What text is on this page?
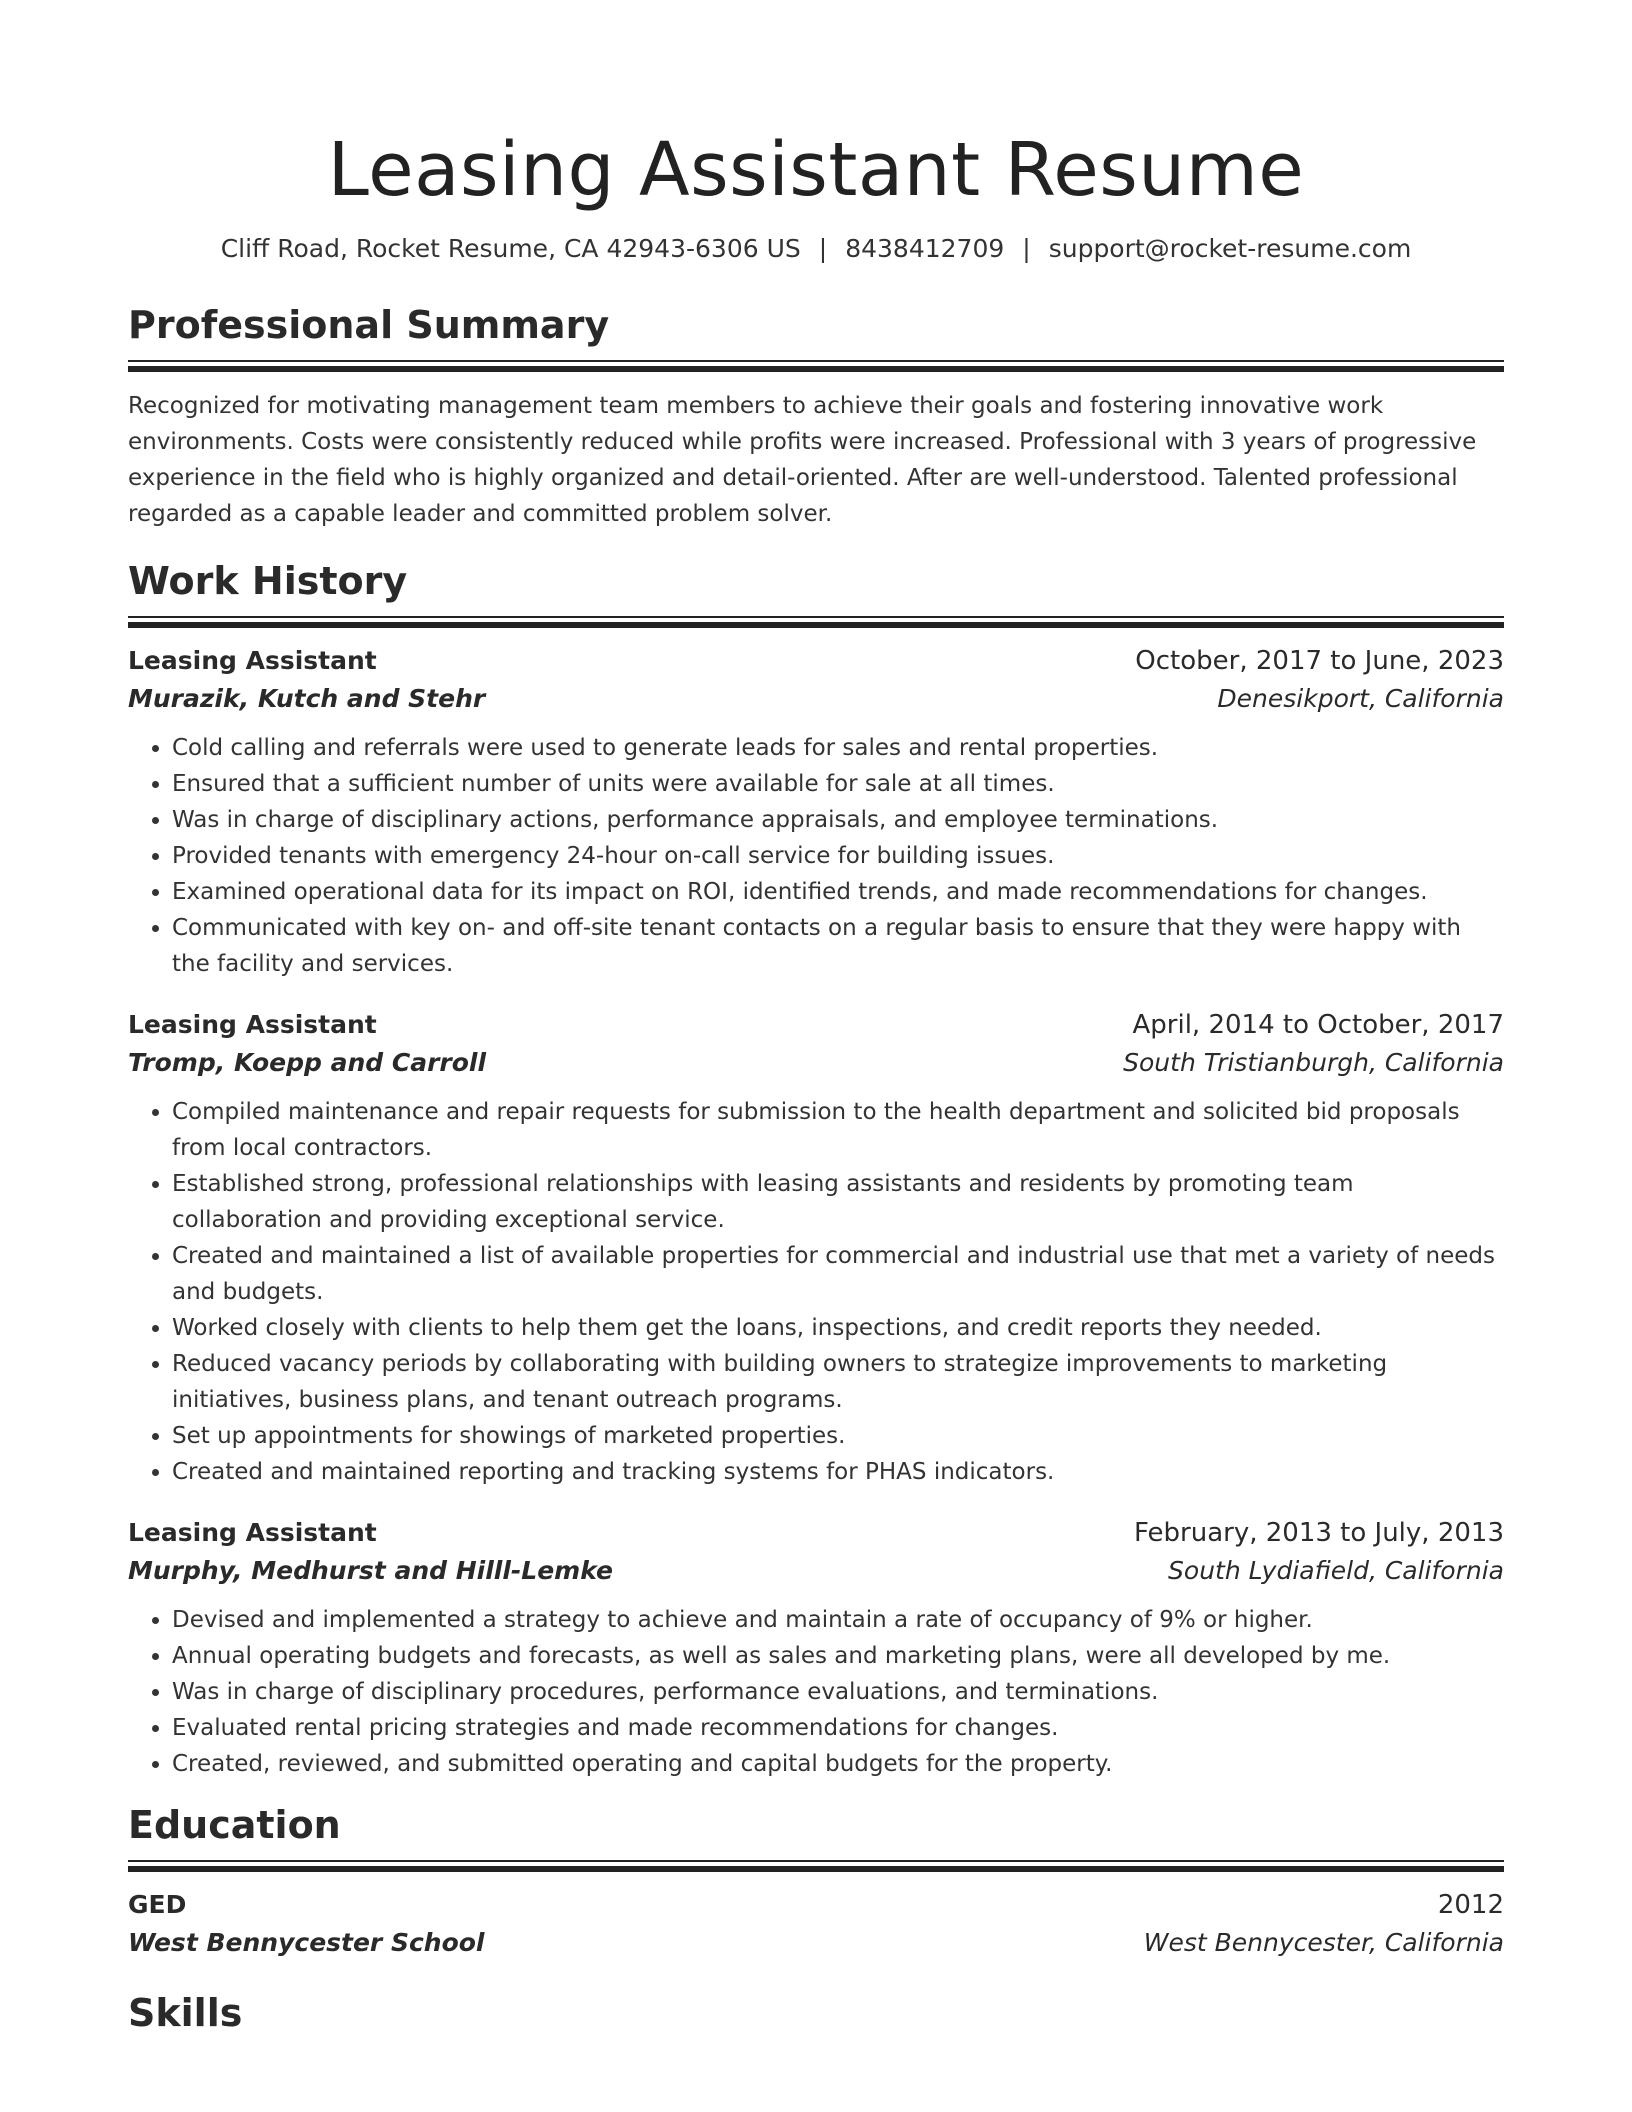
Leasing Assistant Resume
Cliff Road, Rocket Resume, CA 42943-6306 US | 8438412709 | support@rocket-resume.com
Professional Summary
Recognized for motivating management team members to achieve their goals and fostering innovative work environments. Costs were consistently reduced while profits were increased. Professional with 3 years of progressive experience in the field who is highly organized and detail-oriented. After are well-understood. Talented professional regarded as a capable leader and committed problem solver.
Work History
Leasing Assistant	October, 2017 to June, 2023
Murazik, Kutch and Stehr	Denesikport, California
• Cold calling and referrals were used to generate leads for sales and rental properties.
• Ensured that a sufficient number of units were available for sale at all times.
• Was in charge of disciplinary actions, performance appraisals, and employee terminations.
• Provided tenants with emergency 24-hour on-call service for building issues.
• Examined operational data for its impact on ROI, identified trends, and made recommendations for changes.
• Communicated with key on- and off-site tenant contacts on a regular basis to ensure that they were happy with the facility and services.
Leasing Assistant	April, 2014 to October, 2017
Tromp, Koepp and Carroll	South Tristianburgh, California
• Compiled maintenance and repair requests for submission to the health department and solicited bid proposals from local contractors.
• Established strong, professional relationships with leasing assistants and residents by promoting team collaboration and providing exceptional service.
• Created and maintained a list of available properties for commercial and industrial use that met a variety of needs and budgets.
• Worked closely with clients to help them get the loans, inspections, and credit reports they needed.
• Reduced vacancy periods by collaborating with building owners to strategize improvements to marketing initiatives, business plans, and tenant outreach programs.
• Set up appointments for showings of marketed properties.
• Created and maintained reporting and tracking systems for PHAS indicators.
Leasing Assistant	February, 2013 to July, 2013
Murphy, Medhurst and Hilll-Lemke	South Lydiafield, California
• Devised and implemented a strategy to achieve and maintain a rate of occupancy of 9% or higher.
• Annual operating budgets and forecasts, as well as sales and marketing plans, were all developed by me.
• Was in charge of disciplinary procedures, performance evaluations, and terminations.
• Evaluated rental pricing strategies and made recommendations for changes.
• Created, reviewed, and submitted operating and capital budgets for the property.
Education
GED	2012
West Bennycester School	West Bennycester, California
Skills
